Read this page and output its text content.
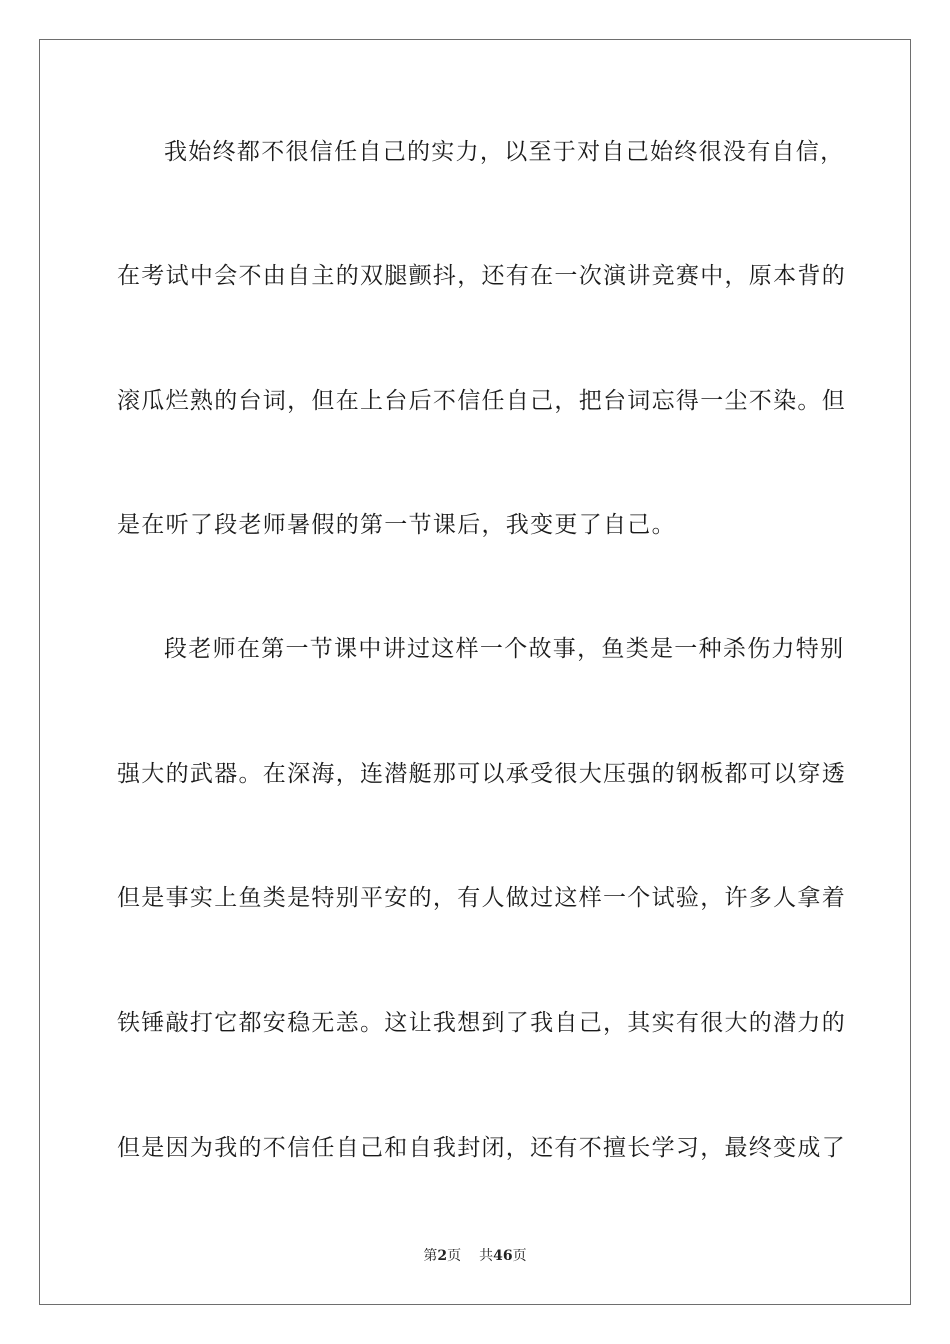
我始终都不很信任自己的实力，以至于对自己始终很没有自信，
在考试中会不由自主的双腿颤抖，还有在一次演讲竞赛中，原本背的
滚瓜烂熟的台词，但在上台后不信任自己，把台词忘得一尘不染。但
是在听了段老师暑假的第一节课后，我变更了自己。
段老师在第一节课中讲过这样一个故事，鱼类是一种杀伤力特别
强大的武器。在深海，连潜艇那可以承受很大压强的钢板都可以穿透
但是事实上鱼类是特别平安的，有人做过这样一个试验，许多人拿着
铁锤敲打它都安稳无恙。这让我想到了我自己，其实有很大的潜力的
但是因为我的不信任自己和自我封闭，还有不擅长学习，最终变成了
第2页 共46页
